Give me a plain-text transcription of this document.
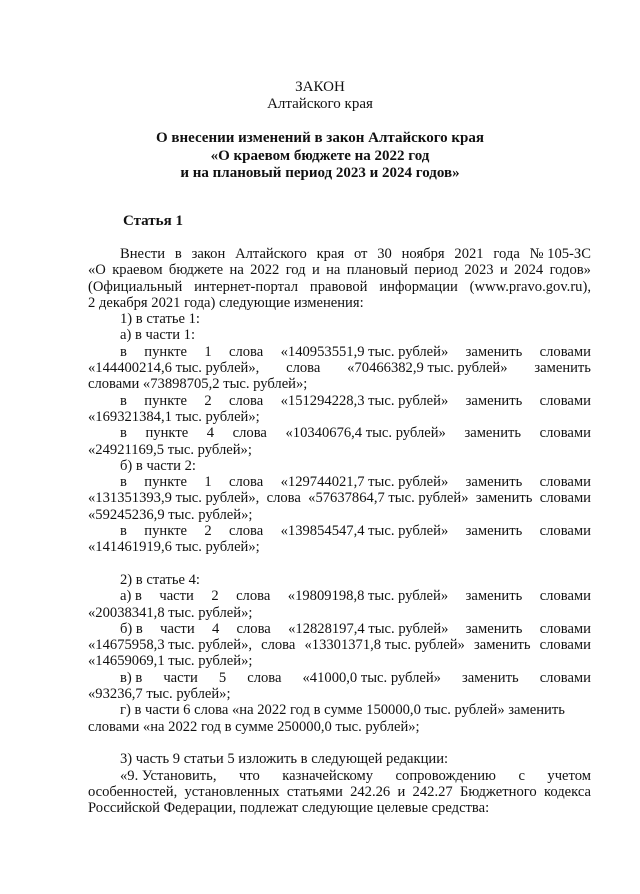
ЗАКОН
Алтайского края
О внесении изменений в закон Алтайского края
«О краевом бюджете на 2022 год
и на плановый период 2023 и 2024 годов»
Статья 1
Внести в закон Алтайского края от 30 ноября 2021 года № 105-ЗС
«О краевом бюджете на 2022 год и на плановый период 2023 и 2024 годов»
(Официальный интернет-портал правовой информации (www.pravo.gov.ru),
2 декабря 2021 года) следующие изменения:
1) в статье 1:
а) в части 1:
в пункте 1 слова «140953551,9 тыс. рублей» заменить словами
«144400214,6 тыс. рублей», слова «70466382,9 тыс. рублей» заменить
словами «73898705,2 тыс. рублей»;
в пункте 2 слова «151294228,3 тыс. рублей» заменить словами
«169321384,1 тыс. рублей»;
в пункте 4 слова «10340676,4 тыс. рублей» заменить словами
«24921169,5 тыс. рублей»;
б) в части 2:
в пункте 1 слова «129744021,7 тыс. рублей» заменить словами
«131351393,9 тыс. рублей», слова «57637864,7 тыс. рублей» заменить словами
«59245236,9 тыс. рублей»;
в пункте 2 слова «139854547,4 тыс. рублей» заменить словами
«141461919,6 тыс. рублей»;
2) в статье 4:
а) в части 2 слова «19809198,8 тыс. рублей» заменить словами
«20038341,8 тыс. рублей»;
б) в части 4 слова «12828197,4 тыс. рублей» заменить словами
«14675958,3 тыс. рублей», слова «13301371,8 тыс. рублей» заменить словами
«14659069,1 тыс. рублей»;
в) в части 5 слова «41000,0 тыс. рублей» заменить словами
«93236,7 тыс. рублей»;
г) в части 6 слова «на 2022 год в сумме 150000,0 тыс. рублей» заменить
словами «на 2022 год в сумме 250000,0 тыс. рублей»;
3) часть 9 статьи 5 изложить в следующей редакции:
«9. Установить, что казначейскому сопровождению с учетом
особенностей, установленных статьями 242.26 и 242.27 Бюджетного кодекса
Российской Федерации, подлежат следующие целевые средства:
